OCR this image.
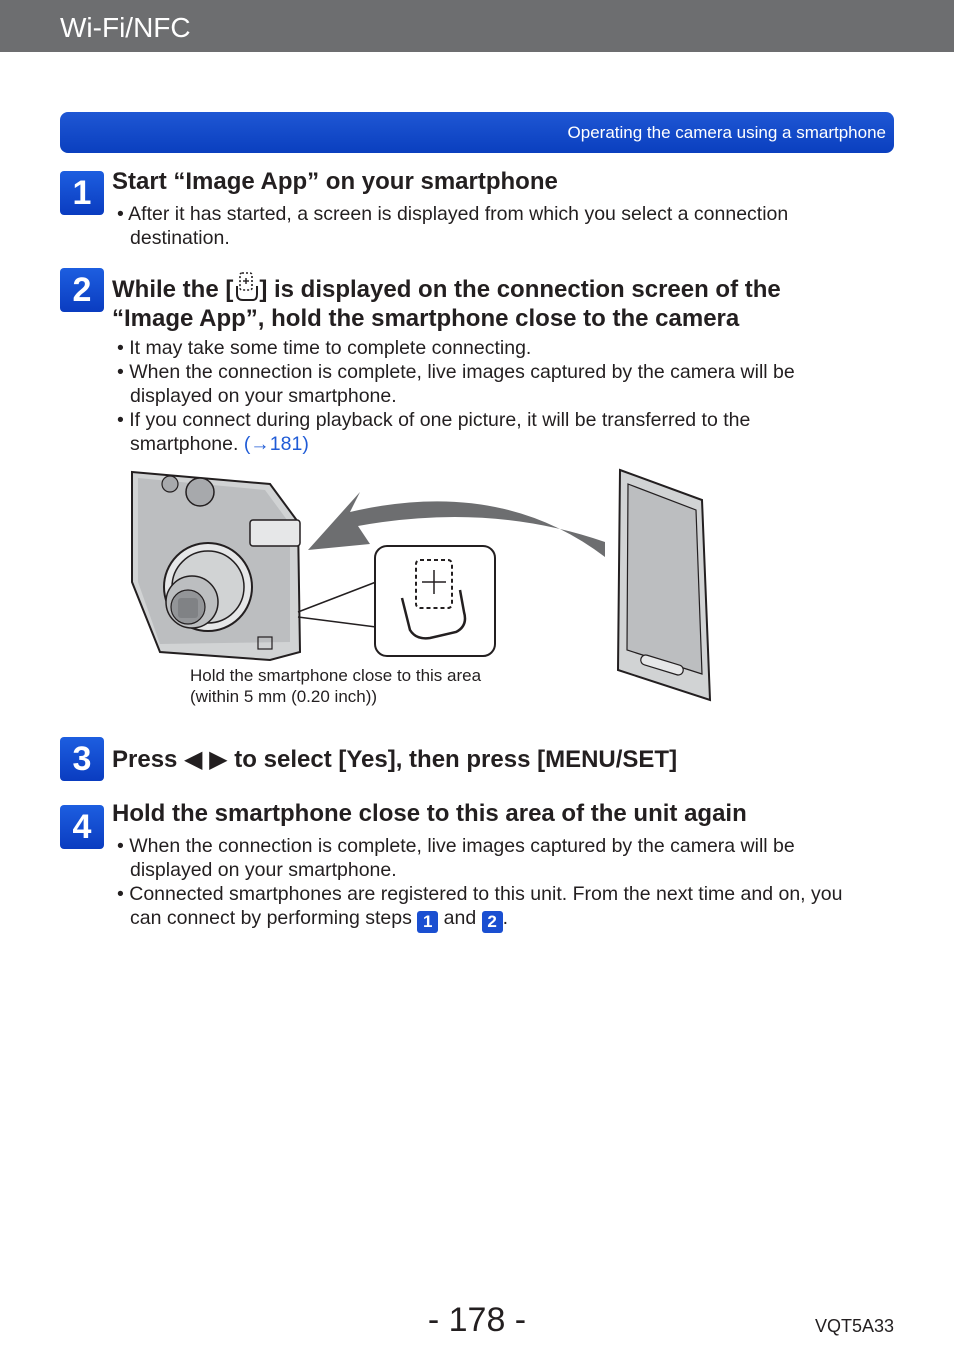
Wi-Fi/NFC
Operating the camera using a smartphone
1 Start “Image App” on your smartphone
• After it has started, a screen is displayed from which you select a connection destination.
2 While the [ ] is displayed on the connection screen of the
“Image App”, hold the smartphone close to the camera
• It may take some time to complete connecting.
• When the connection is complete, live images captured by the camera will be displayed on your smartphone.
• If you connect during playback of one picture, it will be transferred to the smartphone. (→181)
Hold the smartphone close to this area
(within 5 mm (0.20 inch))
3 Press ◀ ▶ to select [Yes], then press [MENU/SET]
4 Hold the smartphone close to this area of the unit again
• When the connection is complete, live images captured by the camera will be displayed on your smartphone.
• Connected smartphones are registered to this unit. From the next time and on, you can connect by performing steps 1 and 2 .
- 178 -	VQT5A33
